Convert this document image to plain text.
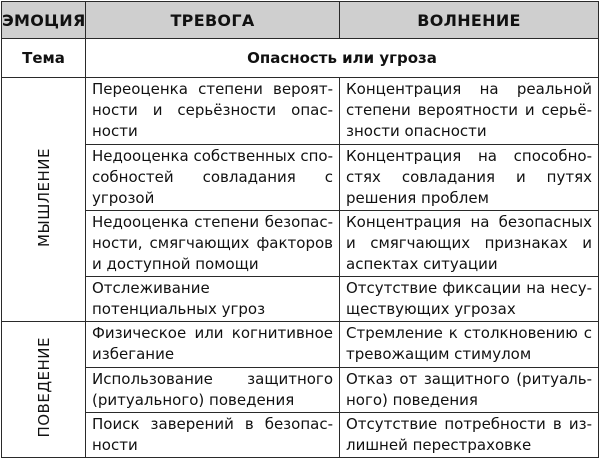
ЭМОЦИЯ	ТРЕВОГА	ВОЛНЕНИЕ
Тема	Опасность или угроза	
МЫШЛЕНИЕ	Переоценка степени вероятности и серьёзности опасности	Концентрация на реальной степени вероятности и серьёзности опасности
	Недооценка собственных способностей совладания с угрозой	Концентрация на способностях совладания и путях решения проблем
	Недооценка степени безопасности, смягчающих факторов и доступной помощи	Концентрация на безопасных и смягчающих признаках и аспектах ситуации
	Отслеживание потенциальных угроз	Отсутствие фиксации на несуществующих угрозах
ПОВЕДЕНИЕ	Физическое или когнитивное избегание	Стремление к столкновению с тревожащим стимулом
	Использование защитного (ритуального) поведения	Отказ от защитного (ритуального) поведения
	Поиск заверений в безопасности	Отсутствие потребности в излишней перестраховке
